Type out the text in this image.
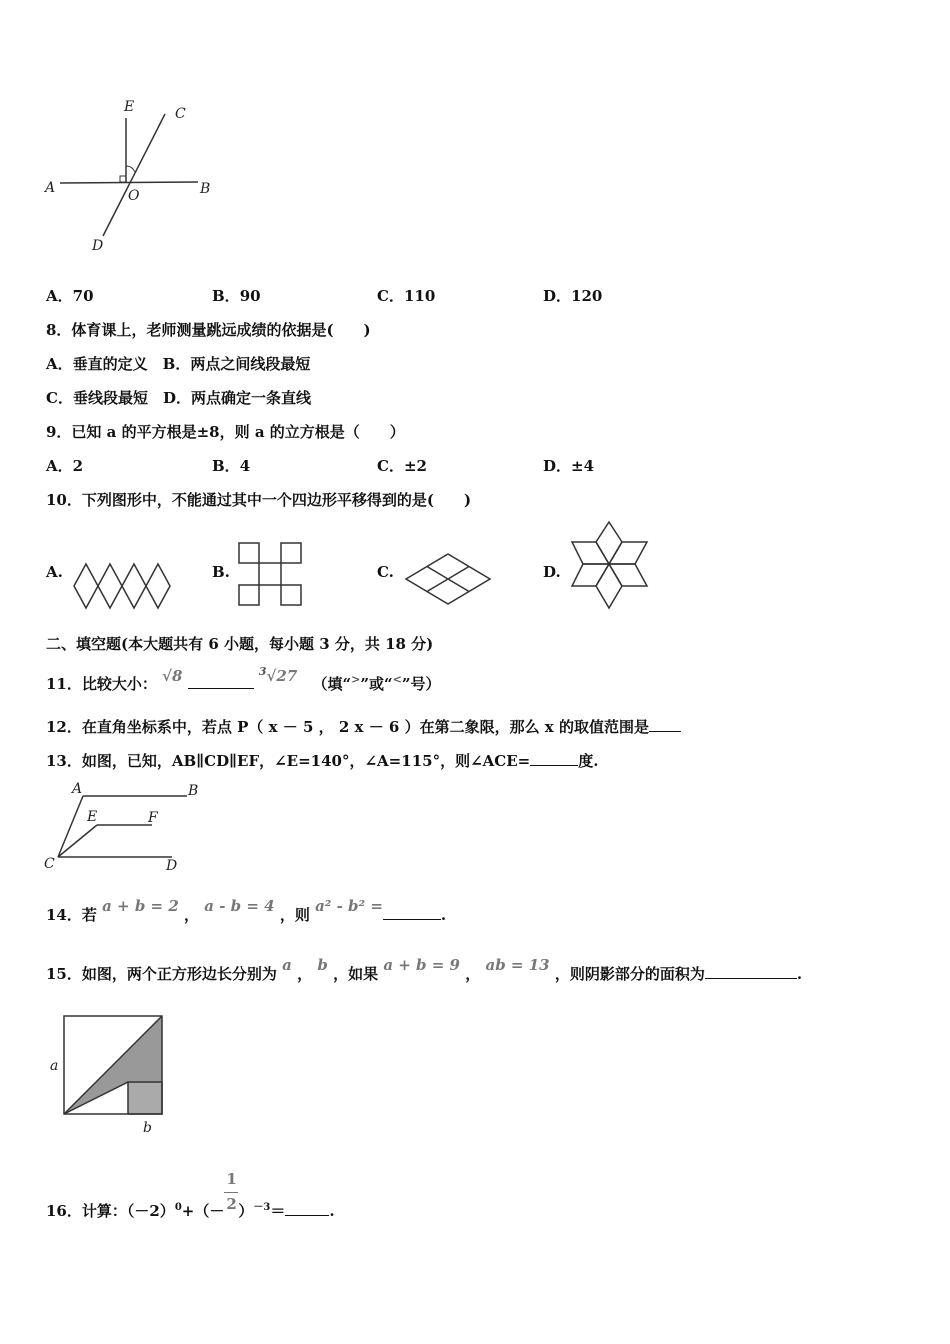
E	C
A	O	B
D
A．70	B．90	C．110	D．120
8．体育课上，老师测量跳远成绩的依据是(　　)
A．垂直的定义　B．两点之间线段最短
C．垂线段最短　D．两点确定一条直线
9．已知 a 的平方根是±8，则 a 的立方根是（　　）
A．2	B．4	C．±2	D．±4
10．下列图形中，不能通过其中一个四边形平移得到的是(　　)
A.	B.	C.	D.
二、填空题(本大题共有 6 小题，每小题 3 分，共 18 分)
11．比较大小： √8	$^3$√27 （填“>”或“<”号）
12．在直角坐标系中，若点 P（ x － 5 ， 2 x － 6 ）在第二象限，那么 x 的取值范围是
13．如图，已知，AB∥CD∥EF，∠E=140°，∠A=115°，则∠ACE=	度.
A	B
E	F
C	D
14．若 a + b = 2 ， a - b = 4 ，则 a² - b² =	.
15．如图，两个正方形边长分别为 a ， b ，如果 a + b = 9 ， ab = 13 ，则阴影部分的面积为	.
a
b
16．计算：$(-2)^0+(- \frac{1}{2} )^{-3}=$	.
